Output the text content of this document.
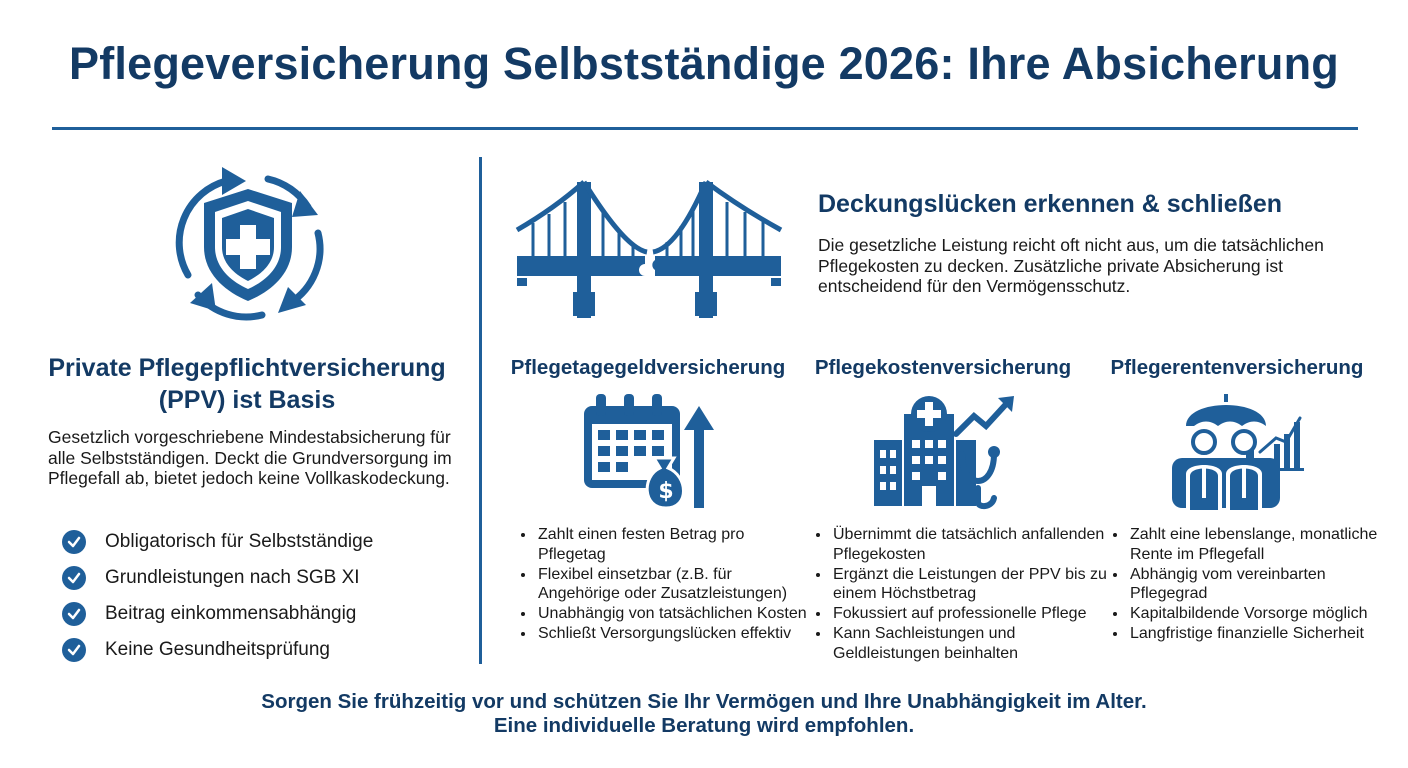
Pflegeversicherung Selbstständige 2026: Ihre Absicherung
Private Pflegepflichtversicherung (PPV) ist Basis
Gesetzlich vorgeschriebene Mindestabsicherung für alle Selbstständigen. Deckt die Grundversorgung im Pflegefall ab, bietet jedoch keine Vollkaskodeckung.
Obligatorisch für Selbstständige
Grundleistungen nach SGB XI
Beitrag einkommensabhängig
Keine Gesundheitsprüfung
Deckungslücken erkennen & schließen
Die gesetzliche Leistung reicht oft nicht aus, um die tatsächlichen Pflegekosten zu decken. Zusätzliche private Absicherung ist entscheidend für den Vermögensschutz.
Pflegetagegeldversicherung
$
• Zahlt einen festen Betrag pro Pflegetag
• Flexibel einsetzbar (z.B. für Angehörige oder Zusatzleistungen)
• Unabhängig von tatsächlichen Kosten
• Schließt Versorgungslücken effektiv
Pflegekostenversicherung
• Übernimmt die tatsächlich anfallenden Pflegekosten
• Ergänzt die Leistungen der PPV bis zu einem Höchstbetrag
• Fokussiert auf professionelle Pflege
• Kann Sachleistungen und Geldleistungen beinhalten
Pflegerentenversicherung
• Zahlt eine lebenslange, monatliche Rente im Pflegefall
• Abhängig vom vereinbarten Pflegegrad
• Kapitalbildende Vorsorge möglich
• Langfristige finanzielle Sicherheit
Sorgen Sie frühzeitig vor und schützen Sie Ihr Vermögen und Ihre Unabhängigkeit im Alter.
Eine individuelle Beratung wird empfohlen.
